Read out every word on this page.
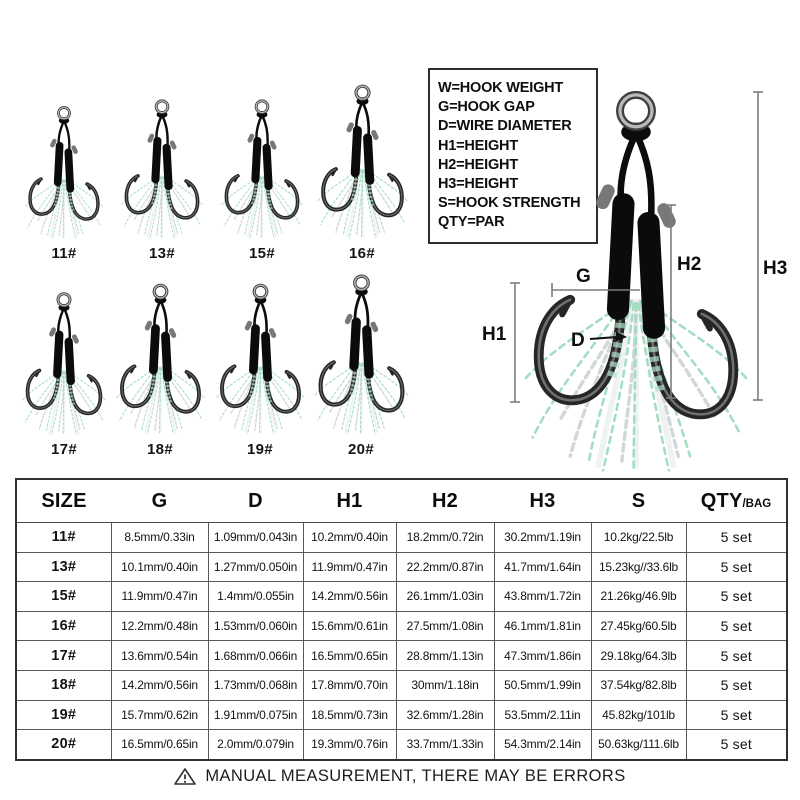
11#	13#	15#	16#
17#	18#	19#	20#
W=HOOK WEIGHT
G=HOOK GAP
D=WIRE DIAMETER
H1=HEIGHT
H2=HEIGHT
H3=HEIGHT
S=HOOK STRENGTH
QTY=PAR
H3
H2
H1
G
D
SIZE	G	D	H1	H2	H3	S	QTY/BAG
11#	8.5mm/0.33in	1.09mm/0.043in	10.2mm/0.40in	18.2mm/0.72in	30.2mm/1.19in	10.2kg/22.5lb	5 set
13#	10.1mm/0.40in	1.27mm/0.050in	11.9mm/0.47in	22.2mm/0.87in	41.7mm/1.64in	15.23kg//33.6lb	5 set
15#	11.9mm/0.47in	1.4mm/0.055in	14.2mm/0.56in	26.1mm/1.03in	43.8mm/1.72in	21.26kg/46.9lb	5 set
16#	12.2mm/0.48in	1.53mm/0.060in	15.6mm/0.61in	27.5mm/1.08in	46.1mm/1.81in	27.45kg/60.5lb	5 set
17#	13.6mm/0.54in	1.68mm/0.066in	16.5mm/0.65in	28.8mm/1.13in	47.3mm/1.86in	29.18kg/64.3lb	5 set
18#	14.2mm/0.56in	1.73mm/0.068in	17.8mm/0.70in	30mm/1.18in	50.5mm/1.99in	37.54kg/82.8lb	5 set
19#	15.7mm/0.62in	1.91mm/0.075in	18.5mm/0.73in	32.6mm/1.28in	53.5mm/2.11in	45.82kg/101lb	5 set
20#	16.5mm/0.65in	2.0mm/0.079in	19.3mm/0.76in	33.7mm/1.33in	54.3mm/2.14in	50.63kg/111.6lb	5 set
MANUAL MEASUREMENT, THERE MAY BE ERRORS
